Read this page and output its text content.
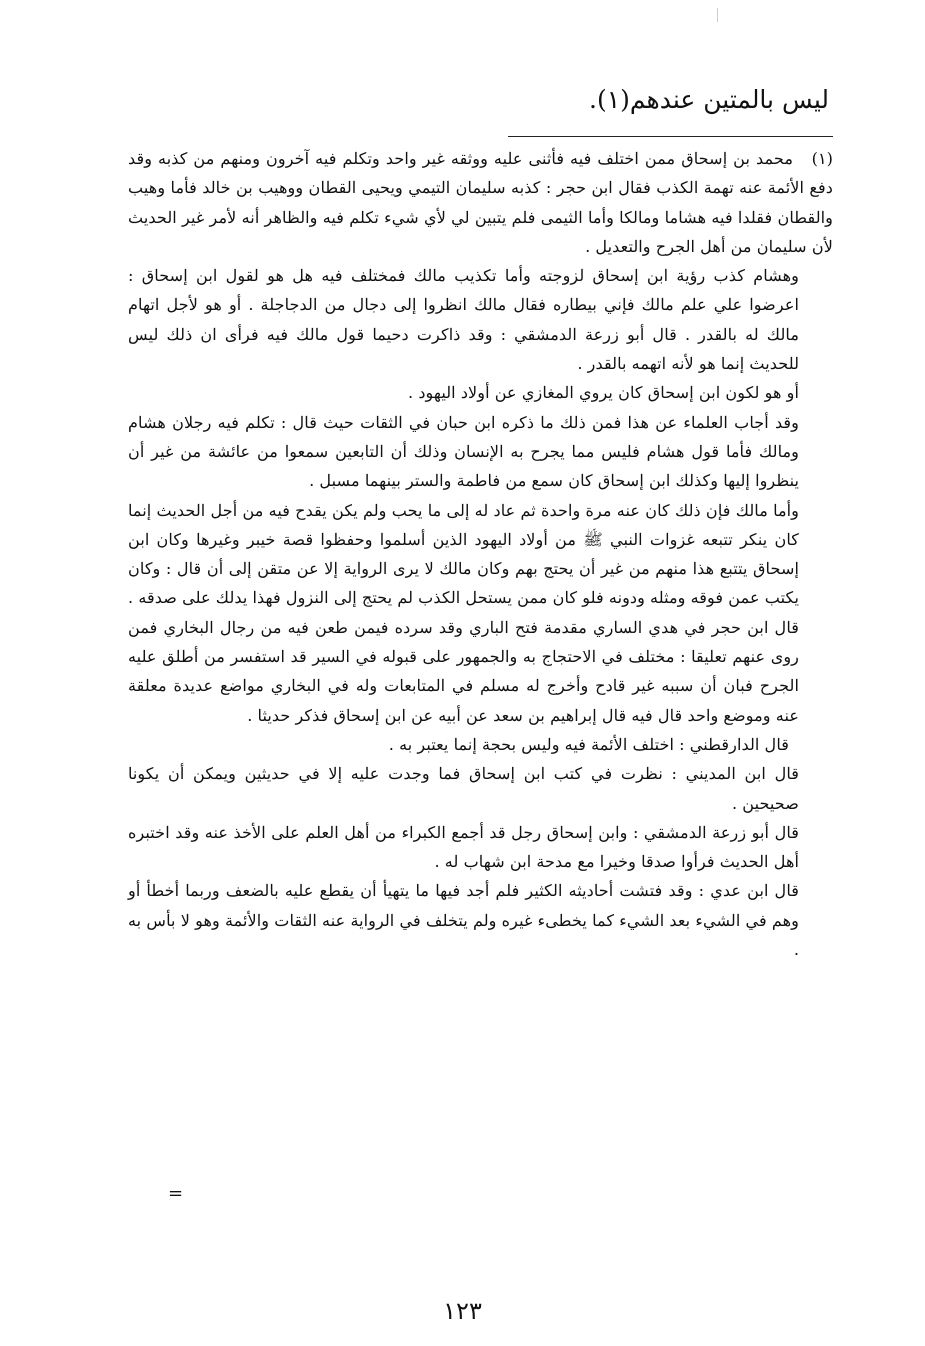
ليس بالمتين عندهم(١).

(١) محمد بن إسحاق ممن اختلف فيه فأثنى عليه ووثقه غير واحد وتكلم فيه آخرون ومنهم من كذبه وقد دفع الأئمة عنه تهمة الكذب فقال ابن حجر : كذبه سليمان التيمي ويحيى القطان ووهيب بن خالد فأما وهيب والقطان فقلدا فيه هشاما ومالكا وأما الثيمى فلم يتبين لي لأي شيء تكلم فيه والظاهر أنه لأمر غير الحديث لأن سليمان من أهل الجرح والتعديل .

وهشام كذب رؤية ابن إسحاق لزوجته وأما تكذيب مالك فمختلف فيه هل هو لقول ابن إسحاق : اعرضوا علي علم مالك فإني بيطاره فقال مالك انظروا إلى دجال من الدجاجلة . أو هو لأجل اتهام مالك له بالقدر . قال أبو زرعة الدمشقي : وقد ذاكرت دحيما قول مالك فيه فرأى ان ذلك ليس للحديث إنما هو لأنه اتهمه بالقدر .

أو هو لكون ابن إسحاق كان يروي المغازي عن أولاد اليهود .

وقد أجاب العلماء عن هذا فمن ذلك ما ذكره ابن حبان في الثقات حيث قال : تكلم فيه رجلان هشام ومالك فأما قول هشام فليس مما يجرح به الإنسان وذلك أن التابعين سمعوا من عائشة من غير أن ينظروا إليها وكذلك ابن إسحاق كان سمع من فاطمة والستر بينهما مسبل .

وأما مالك فإن ذلك كان عنه مرة واحدة ثم عاد له إلى ما يحب ولم يكن يقدح فيه من أجل الحديث إنما كان ينكر تتبعه غزوات النبي ﷺ من أولاد اليهود الذين أسلموا وحفظوا قصة خيبر وغيرها وكان ابن إسحاق يتتبع هذا منهم من غير أن يحتج بهم وكان مالك لا يرى الرواية إلا عن متقن إلى أن قال : وكان يكتب عمن فوقه ومثله ودونه فلو كان ممن يستحل الكذب لم يحتج إلى النزول فهذا يدلك على صدقه .

قال ابن حجر في هدي الساري مقدمة فتح الباري وقد سرده فيمن طعن فيه من رجال البخاري فمن روى عنهم تعليقا : مختلف في الاحتجاج به والجمهور على قبوله في السير قد استفسر من أطلق عليه الجرح فبان أن سببه غير قادح وأخرج له مسلم في المتابعات وله في البخاري مواضع عديدة معلقة عنه وموضع واحد قال فيه قال إبراهيم بن سعد عن أبيه عن ابن إسحاق فذكر حديثا .

قال الدارقطني : اختلف الأئمة فيه وليس بحجة إنما يعتبر به .

قال ابن المديني : نظرت في كتب ابن إسحاق فما وجدت عليه إلا في حديثين ويمكن أن يكونا صحيحين .

قال أبو زرعة الدمشقي : وابن إسحاق رجل قد أجمع الكبراء من أهل العلم على الأخذ عنه وقد اختبره أهل الحديث فرأوا صدقا وخيرا مع مدحة ابن شهاب له .

قال ابن عدي : وقد فتشت أحاديثه الكثير فلم أجد فيها ما يتهيأ أن يقطع عليه بالضعف وربما أخطأ أو وهم في الشيء بعد الشيء كما يخطىء غيره ولم يتخلف في الرواية عنه الثقات والأئمة وهو لا بأس به .

=
١٢٣
